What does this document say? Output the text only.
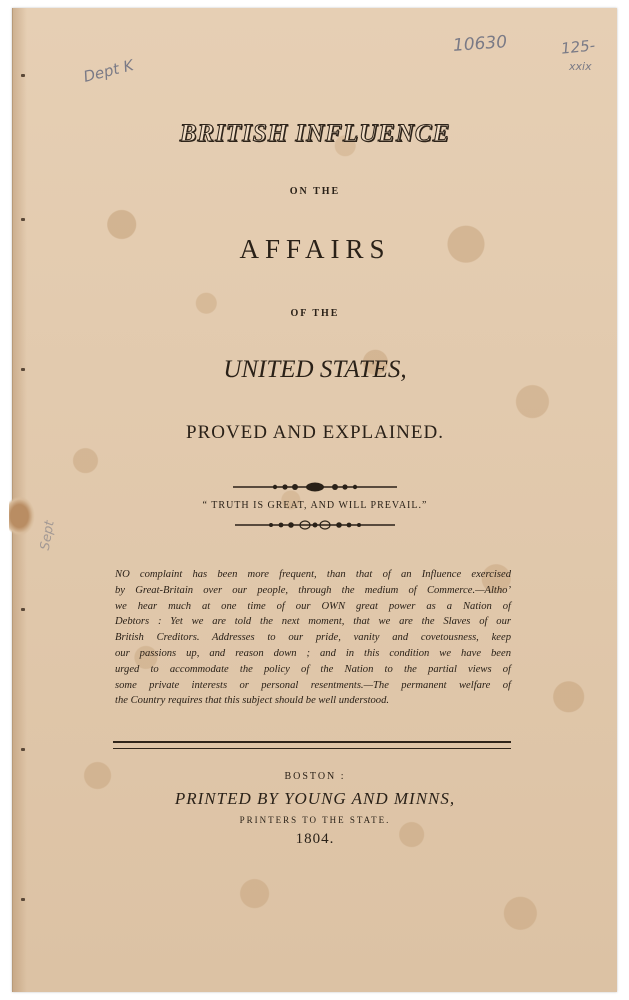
Dept K
10630	125-
xxix
Sept
BRITISH INFLUENCE
ON THE
AFFAIRS
OF THE
UNITED STATES,
PROVED AND EXPLAINED.
“ TRUTH IS GREAT, AND WILL PREVAIL.”
NO complaint has been more frequent, than that of an Influence exercised
by Great-Britain over our people, through the medium of Commerce.—Altho’
we hear much at one time of our OWN great power as a Nation of
Debtors : Yet we are told the next moment, that we are the Slaves of our
British Creditors. Addresses to our pride, vanity and covetousness, keep
our passions up, and reason down ; and in this condition we have been
urged to accommodate the policy of the Nation to the partial views of
some private interests or personal resentments.—The permanent welfare of
the Country requires that this subject should be well understood.
BOSTON :
PRINTED BY YOUNG AND MINNS,
PRINTERS TO THE STATE.
1804.
